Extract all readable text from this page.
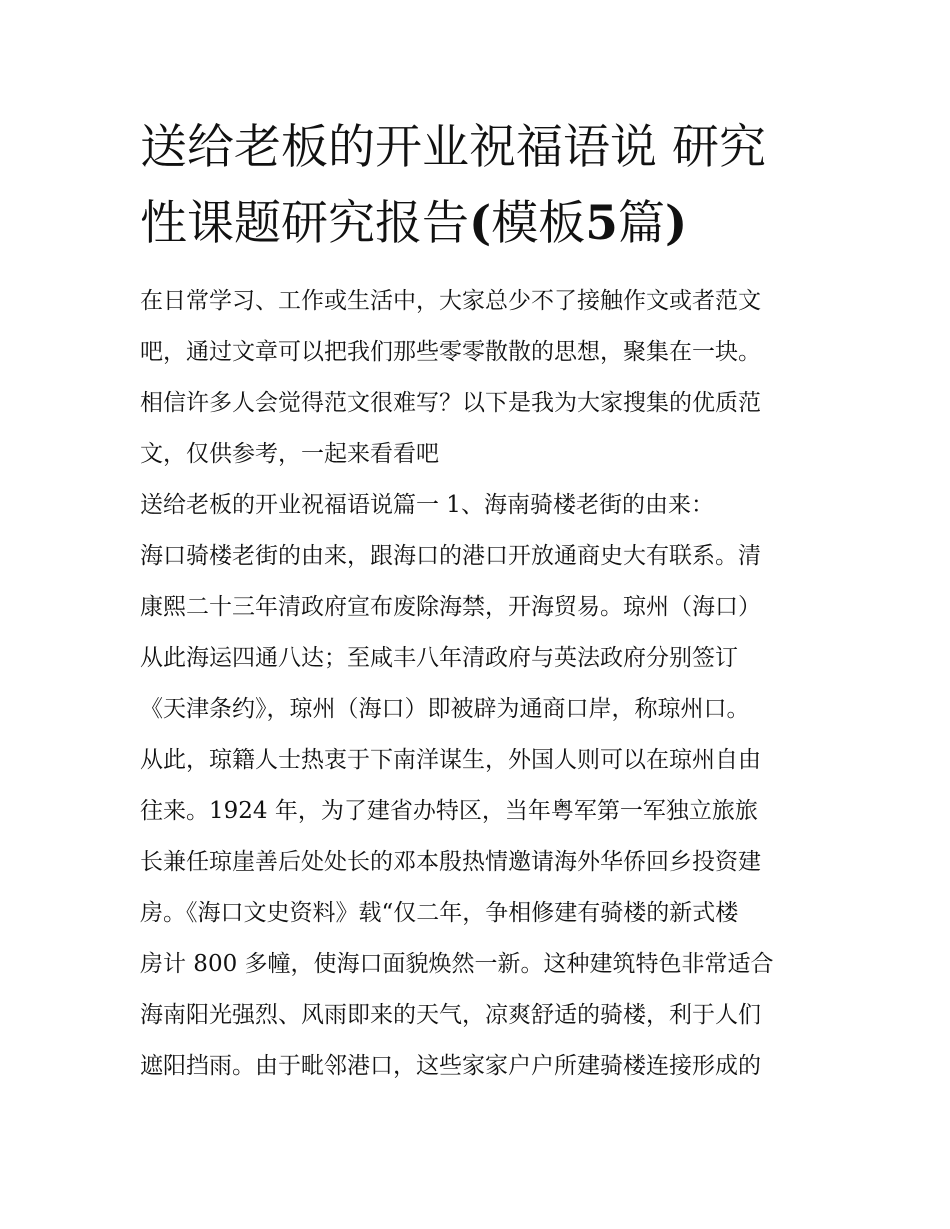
送给老板的开业祝福语说 研究
性课题研究报告(模板5篇)
在日常学习、工作或生活中，大家总少不了接触作文或者范文
吧，通过文章可以把我们那些零零散散的思想，聚集在一块。
相信许多人会觉得范文很难写？以下是我为大家搜集的优质范
文，仅供参考，一起来看看吧
送给老板的开业祝福语说篇一 1、海南骑楼老街的由来：
海口骑楼老街的由来，跟海口的港口开放通商史大有联系。清
康熙二十三年清政府宣布废除海禁，开海贸易。琼州（海口）
从此海运四通八达；至咸丰八年清政府与英法政府分别签订
《天津条约》，琼州（海口）即被辟为通商口岸，称琼州口。
从此，琼籍人士热衷于下南洋谋生，外国人则可以在琼州自由
往来。1924 年，为了建省办特区，当年粤军第一军独立旅旅
长兼任琼崖善后处处长的邓本殷热情邀请海外华侨回乡投资建
房。《海口文史资料》载“仅二年，争相修建有骑楼的新式楼
房计 800 多幢，使海口面貌焕然一新。这种建筑特色非常适合
海南阳光强烈、风雨即来的天气，凉爽舒适的骑楼，利于人们
遮阳挡雨。由于毗邻港口，这些家家户户所建骑楼连接形成的
